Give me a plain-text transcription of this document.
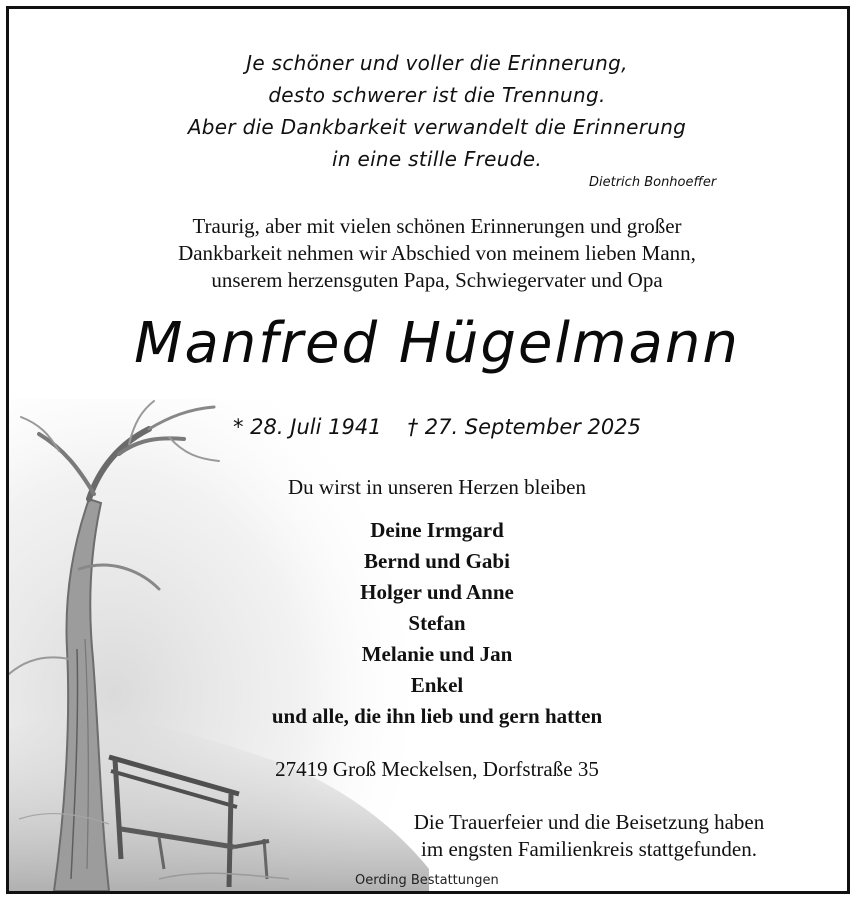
Je schöner und voller die Erinnerung,
desto schwerer ist die Trennung.
Aber die Dankbarkeit verwandelt die Erinnerung
in eine stille Freude.
Dietrich Bonhoeffer
Traurig, aber mit vielen schönen Erinnerungen und großer
Dankbarkeit nehmen wir Abschied von meinem lieben Mann,
unserem herzensguten Papa, Schwiegervater und Opa
Manfred Hügelmann
* 28. Juli 1941 † 27. September 2025
Du wirst in unseren Herzen bleiben
Deine Irmgard
Bernd und Gabi
Holger und Anne
Stefan
Melanie und Jan
Enkel
und alle, die ihn lieb und gern hatten
27419 Groß Meckelsen, Dorfstraße 35
Die Trauerfeier und die Beisetzung haben
im engsten Familienkreis stattgefunden.
Oerding Bestattungen
